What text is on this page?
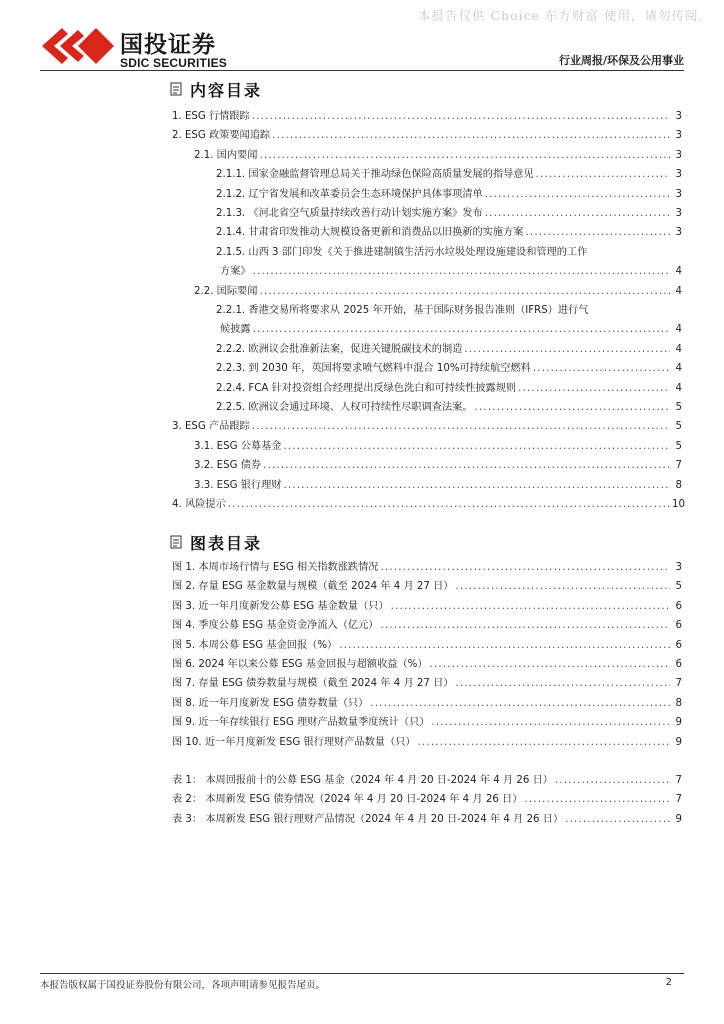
本报告仅供 Choice 东方财富 使用，请勿传阅。
国投证券
SDIC SECURITIES	行业周报/环保及公用事业
内容目录
1. ESG 行情跟踪 .....	3
2. ESG 政策要闻追踪 .....	3
2.1. 国内要闻 .....	3
2.1.1. 国家金融监督管理总局关于推动绿色保险高质量发展的指导意见 .....	3
2.1.2. 辽宁省发展和改革委员会生态环境保护具体事项清单 .....	3
2.1.3. 《河北省空气质量持续改善行动计划实施方案》发布 .....	3
2.1.4. 甘肃省印发推动大规模设备更新和消费品以旧换新的实施方案 .....	3
2.1.5. 山西 3 部门印发《关于推进建制镇生活污水垃圾处理设施建设和管理的工作
方案》 .....	4
2.2. 国际要闻 .....	4
2.2.1. 香港交易所将要求从 2025 年开始，基于国际财务报告准则（IFRS）进行气
候披露 .....	4
2.2.2. 欧洲议会批准新法案，促进关键脱碳技术的制造 .....	4
2.2.3. 到 2030 年，英国将要求喷气燃料中混合 10%可持续航空燃料 .....	4
2.2.4. FCA 针对投资组合经理提出反绿色洗白和可持续性披露规则 .....	4
2.2.5. 欧洲议会通过环境、人权可持续性尽职调查法案。 .....	5
3. ESG 产品跟踪 .....	5
3.1. ESG 公募基金 .....	5
3.2. ESG 债券 .....	7
3.3. ESG 银行理财 .....	8
4. 风险提示 .....	10
图表目录
图 1. 本周市场行情与 ESG 相关指数涨跌情况 .....	3
图 2. 存量 ESG 基金数量与规模（截至 2024 年 4 月 27 日） .....	5
图 3. 近一年月度新发公募 ESG 基金数量（只） .....	6
图 4. 季度公募 ESG 基金资金净流入（亿元） .....	6
图 5. 本周公募 ESG 基金回报（%） .....	6
图 6. 2024 年以来公募 ESG 基金回报与超额收益（%） .....	6
图 7. 存量 ESG 债券数量与规模（截至 2024 年 4 月 27 日） .....	7
图 8. 近一年月度新发 ESG 债券数量（只） .....	8
图 9. 近一年存续银行 ESG 理财产品数量季度统计（只） .....	9
图 10. 近一年月度新发 ESG 银行理财产品数量（只） .....	9
表 1： 本周回报前十的公募 ESG 基金（2024 年 4 月 20 日-2024 年 4 月 26 日） .....	7
表 2： 本周新发 ESG 债券情况（2024 年 4 月 20 日-2024 年 4 月 26 日） .....	7
表 3： 本周新发 ESG 银行理财产品情况（2024 年 4 月 20 日-2024 年 4 月 26 日） .....	9
本报告版权属于国投证券股份有限公司，各项声明请参见报告尾页。	2
